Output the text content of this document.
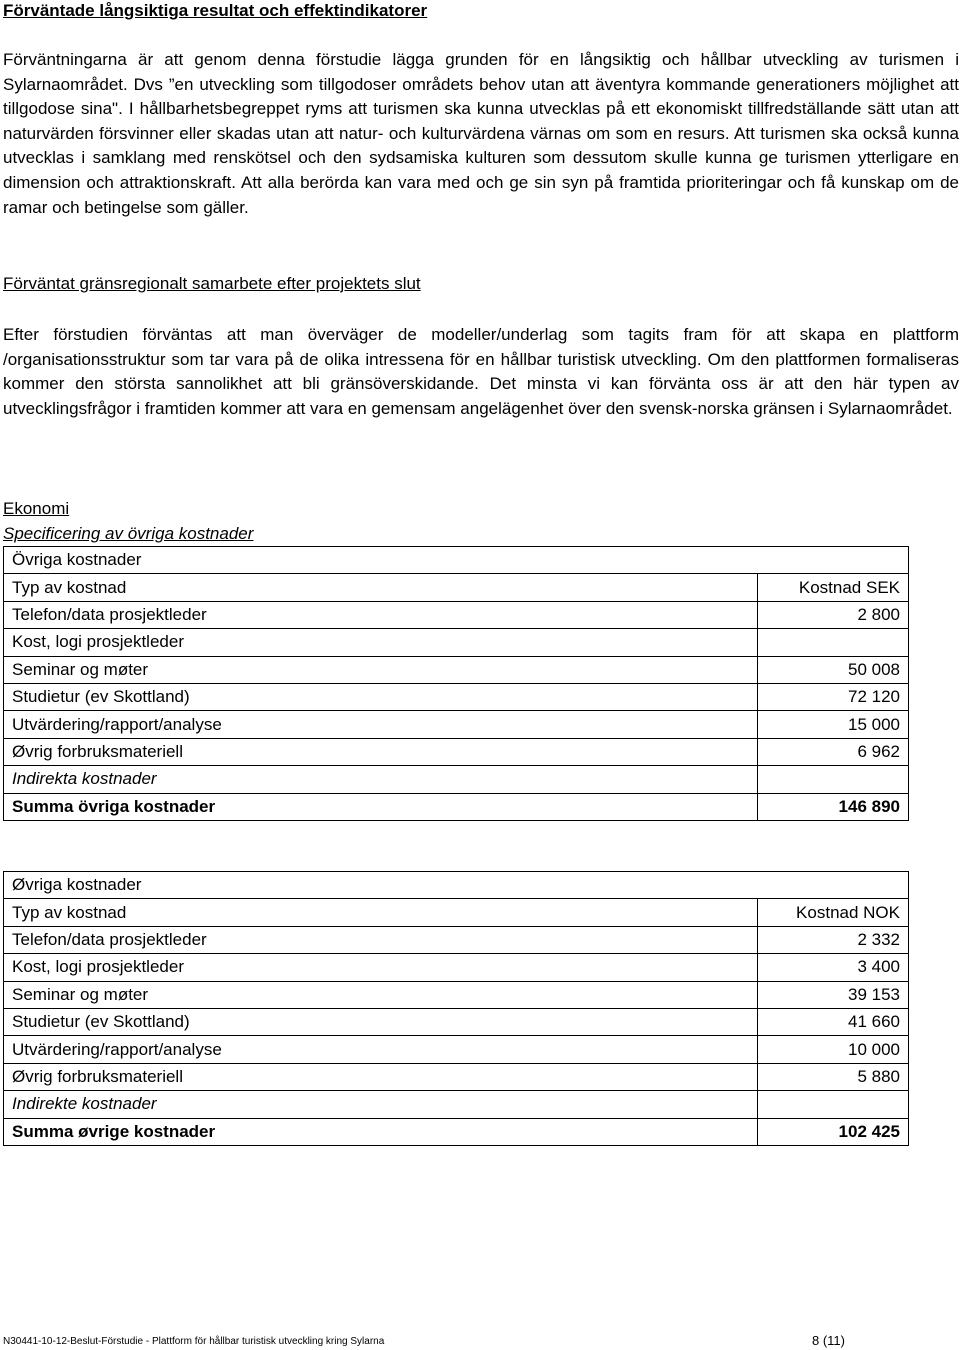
Förväntade långsiktiga resultat och effektindikatorer
Förväntningarna är att genom denna förstudie lägga grunden för en långsiktig och hållbar utveckling av turismen i Sylarnaområdet. Dvs ”en utveckling som tillgodoser områdets behov utan att äventyra kommande generationers möjlighet att tillgodose sina". I hållbarhetsbegreppet ryms att turismen ska kunna utvecklas på ett ekonomiskt tillfredställande sätt utan att naturvärden försvinner eller skadas utan att natur- och kulturvärdena värnas om som en resurs. Att turismen ska också kunna utvecklas i samklang med renskötsel och den sydsamiska kulturen som dessutom skulle kunna ge turismen ytterligare en dimension och attraktionskraft. Att alla berörda kan vara med och ge sin syn på framtida prioriteringar och få kunskap om de ramar och betingelse som gäller.
Förväntat gränsregionalt samarbete efter projektets slut
Efter förstudien förväntas att man överväger de modeller/underlag som tagits fram för att skapa en plattform /organisationsstruktur som tar vara på de olika intressena för en hållbar turistisk utveckling. Om den plattformen formaliseras kommer den största sannolikhet att bli gränsöverskidande. Det minsta vi kan förvänta oss är att den här typen av utvecklingsfrågor i framtiden kommer att vara en gemensam angelägenhet över den svensk-norska gränsen i Sylarnaområdet.
Ekonomi
Specificering av övriga kostnader
Övriga kostnader	
Typ av kostnad	Kostnad SEK
Telefon/data prosjektleder	2 800
Kost, logi prosjektleder	
Seminar og møter	50 008
Studietur (ev Skottland)	72 120
Utvärdering/rapport/analyse	15 000
Øvrig forbruksmateriell	6 962
Indirekta kostnader	
Summa övriga kostnader	146 890
Øvriga kostnader	
Typ av kostnad	Kostnad NOK
Telefon/data prosjektleder	2 332
Kost, logi prosjektleder	3 400
Seminar og møter	39 153
Studietur (ev Skottland)	41 660
Utvärdering/rapport/analyse	10 000
Øvrig forbruksmateriell	5 880
Indirekte kostnader	
Summa øvrige kostnader	102 425
N30441-10-12-Beslut-Förstudie - Plattform för hållbar turistisk utveckling kring Sylarna	8 (11)
